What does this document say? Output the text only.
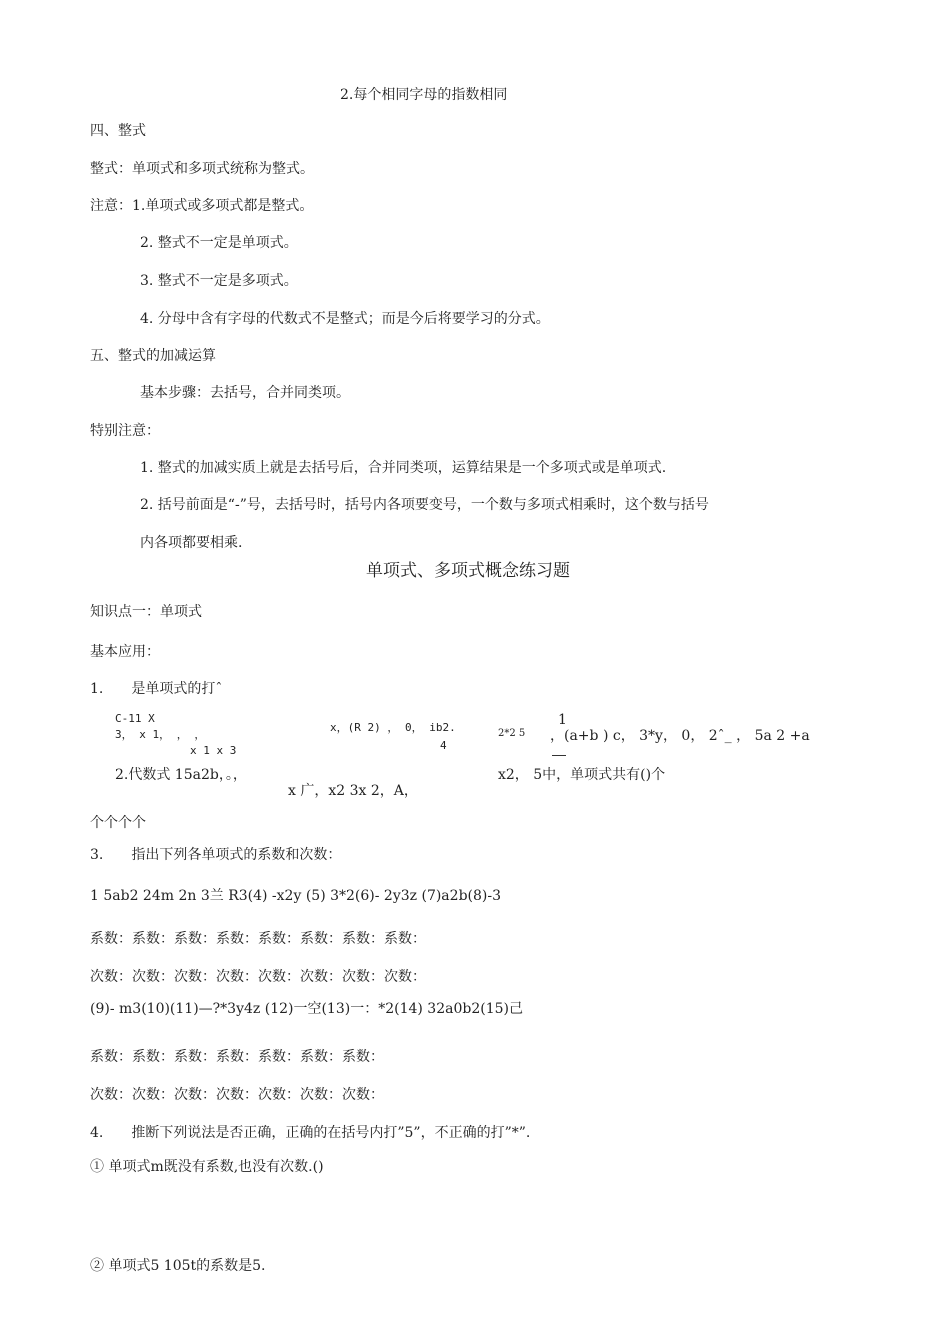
2.每个相同字母的指数相同
四、整式
整式：单项式和多项式统称为整式。
注意：1.单项式或多项式都是整式。
2. 整式不一定是单项式。
3. 整式不一定是多项式。
4. 分母中含有字母的代数式不是整式；而是今后将要学习的分式。
五、整式的加减运算
基本步骤：去括号，合并同类项。
特别注意：
1. 整式的加减实质上就是去括号后，合并同类项，运算结果是一个多项式或是单项式.
2. 括号前面是“-”号，去括号时，括号内各项要变号，一个数与多项式相乘时，这个数与括号
内各项都要相乘.
单项式、多项式概念练习题
知识点一：单项式
基本应用：
1.　　是单项式的打ˆ
C-11 X
3， x 1， ， ，
x 1 x 3
x，(R 2) ， 0， ib2.
4
2*2 5
1
，(a+b ) c， 3*y， 0， 2ˆ_ ， 5a 2 +a
2.代数式 15a2b，。，
x 广，x2 3x 2，A，
x2， 5中，单项式共有()个
个个个个
3.　　指出下列各单项式的系数和次数：
1 5ab2 24m 2n 3兰 R3(4) -x2y (5) 3*2(6)- 2y3z (7)a2b(8)-3
系数：系数：系数：系数：系数：系数：系数：系数：
次数：次数：次数：次数：次数：次数：次数：次数：
(9)- m3(10)(11)—?*3y4z (12)一空(13)一：*2(14) 32a0b2(15)己
系数：系数：系数：系数：系数：系数：系数：
次数：次数：次数：次数：次数：次数：次数：
4.　　推断下列说法是否正确，正确的在括号内打”5”，不正确的打”*”.
① 单项式m既没有系数,也没有次数.()
② 单项式5 105t的系数是5.
